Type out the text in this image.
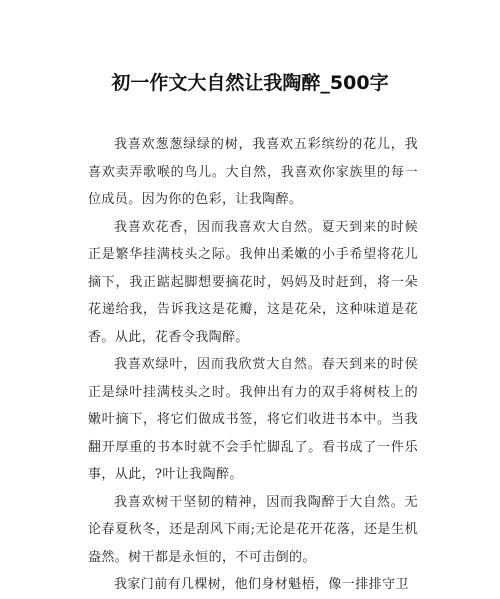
初一作文大自然让我陶醉_500字

我喜欢葱葱绿绿的树，我喜欢五彩缤纷的花儿，我喜欢卖弄歌喉的鸟儿。大自然，我喜欢你家族里的每一位成员。因为你的色彩，让我陶醉。

我喜欢花香，因而我喜欢大自然。夏天到来的时候正是繁华挂满枝头之际。我伸出柔嫩的小手希望将花儿摘下，我正踮起脚想要摘花时，妈妈及时赶到，将一朵花递给我，告诉我这是花瓣，这是花朵，这种味道是花香。从此，花香令我陶醉。

我喜欢绿叶，因而我欣赏大自然。春天到来的时侯正是绿叶挂满枝头之时。我伸出有力的双手将树枝上的嫩叶摘下，将它们做成书签，将它们收进书本中。当我翻开厚重的书本时就不会手忙脚乱了。看书成了一件乐事，从此，?叶让我陶醉。

我喜欢树干坚韧的精神，因而我陶醉于大自然。无论春夏秋冬，还是刮风下雨;无论是花开花落，还是生机盎然。树干都是永恒的，不可击倒的。

我家门前有几棵树，他们身材魁梧，像一排排守卫
